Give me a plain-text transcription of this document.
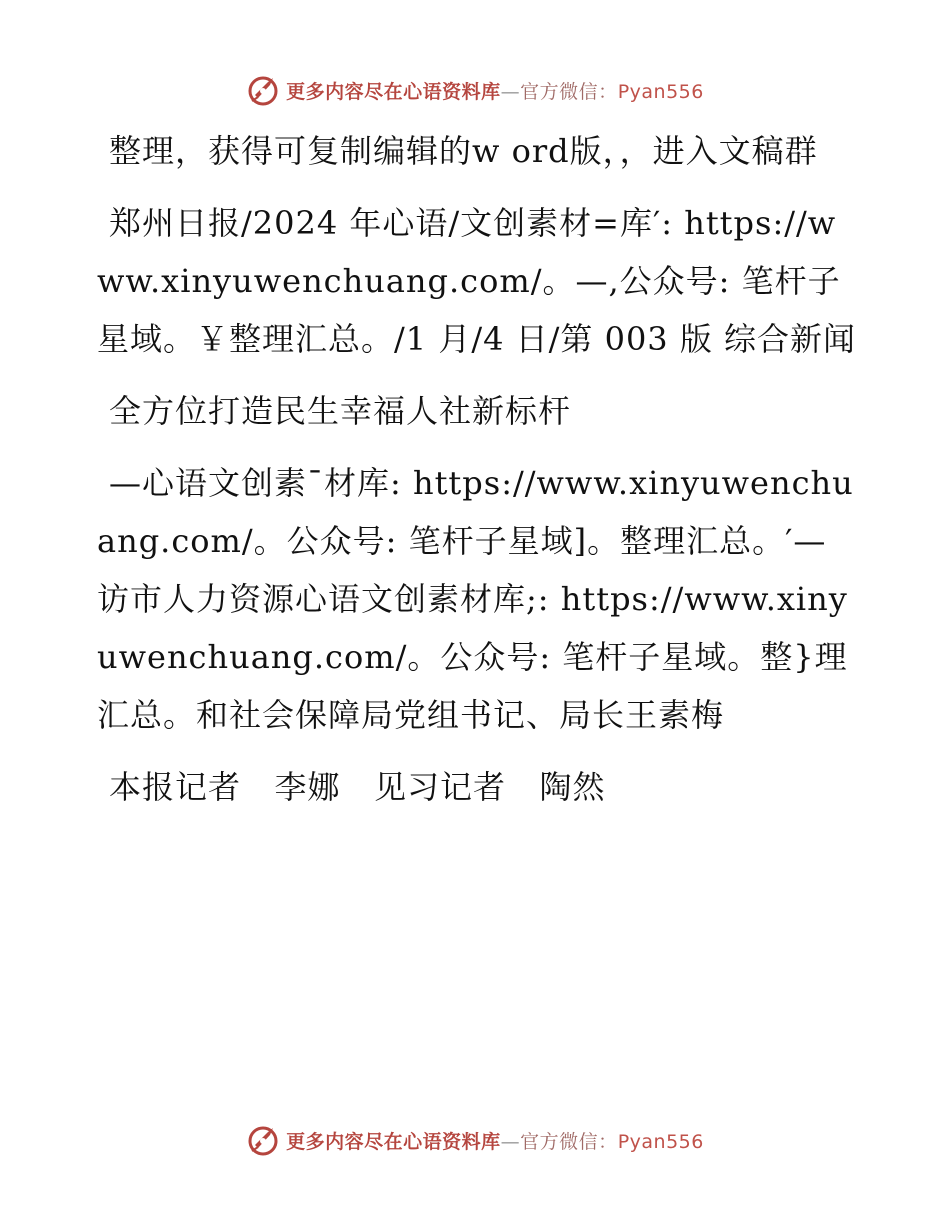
更多内容尽在心语资料库—官方微信：Pyan556

整理，获得可复制编辑的w ord版，，进入文稿群

郑州日报/2024 年心语/文创素材=库′: https://www.xinyuwenchuang.com/。—,公众号: 笔杆子星域。￥整理汇总。/1 月/4 日/第 003 版 综合新闻

全方位打造民生幸福人社新标杆

—心语文创素¯材库: https://www.xinyuwenchuang.com/。公众号: 笔杆子星域]。整理汇总。′—访市人力资源心语文创素材库;: https://www.xinyuwenchuang.com/。公众号: 笔杆子星域。整}理汇总。和社会保障局党组书记、局长王素梅

本报记者   李娜   见习记者   陶然

更多内容尽在心语资料库—官方微信：Pyan556
